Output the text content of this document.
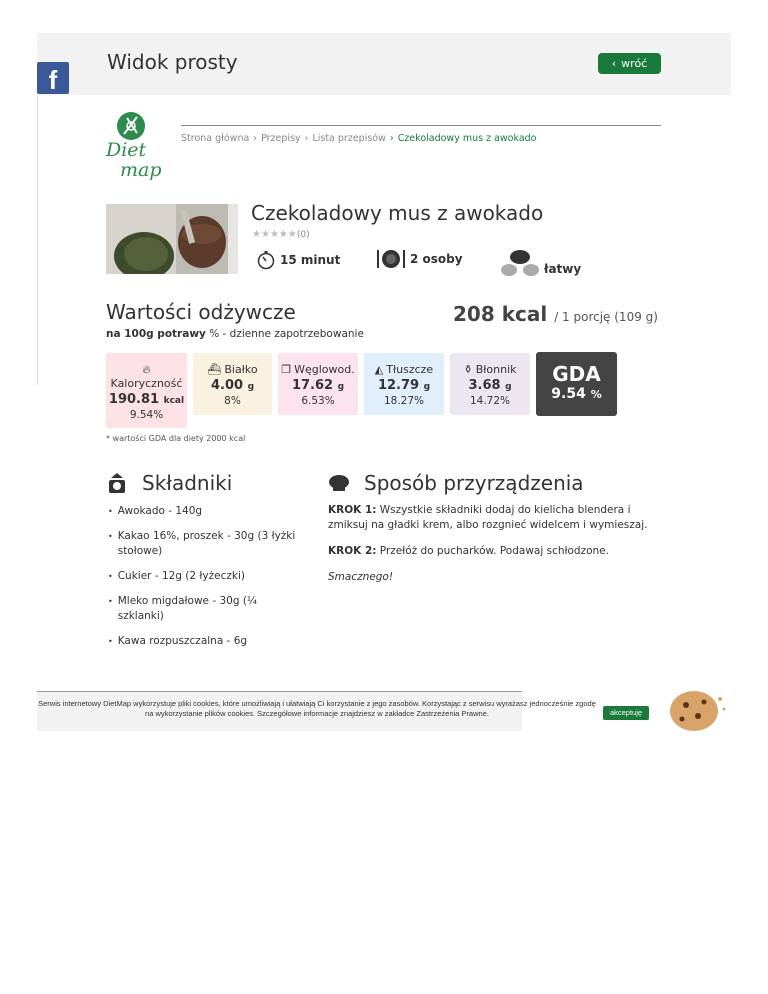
f
Widok prosty	‹ wróć
Diet
map
Strona główna › Przepisy › Lista przepisów › Czekoladowy mus z awokado
Czekoladowy mus z awokado
★ ★ ★ ★ ★ (0)
15 minut	2 osoby
łatwy
Wartości odżywcze	208 kcal / 1 porcję (109 g)
na 100g potrawy % - dzienne zapotrzebowanie
🔥︎
Kaloryczność
190.81 kcal
9.54%
⛴︎ Białko
4.00 g
8%
❐ Węglowod.
17.62 g
6.53%
◭ Tłuszcze
12.79 g
18.27%
⚱︎ Błonnik
3.68 g
14.72%
GDA
9.54 %
* wartości GDA dla diety 2000 kcal
Składniki
• Awokado - 140g
• Kakao 16%, proszek - 30g (3 łyżki stołowe)
• Cukier - 12g (2 łyżeczki)
• Mleko migdałowe - 30g (¼ szklanki)
• Kawa rozpuszczalna - 6g
Sposób przyrządzenia

KROK 1: Wszystkie składniki dodaj do kielicha blendera i zmiksuj na gładki krem, albo rozgnieć widelcem i wymieszaj.

KROK 2: Przełóż do pucharków. Podawaj schłodzone.

Smacznego!

Serwis internetowy DietMap wykorzystuje pliki cookies, które umożliwiają i ułatwiają Ci korzystanie z jego zasobów. Korzystając z serwisu wyrażasz jednocześnie zgodę na wykorzystanie plików cookies. Szczegółowe informacje znajdziesz w zakładce Zastrzeżenia Prawne.	akceptuję
